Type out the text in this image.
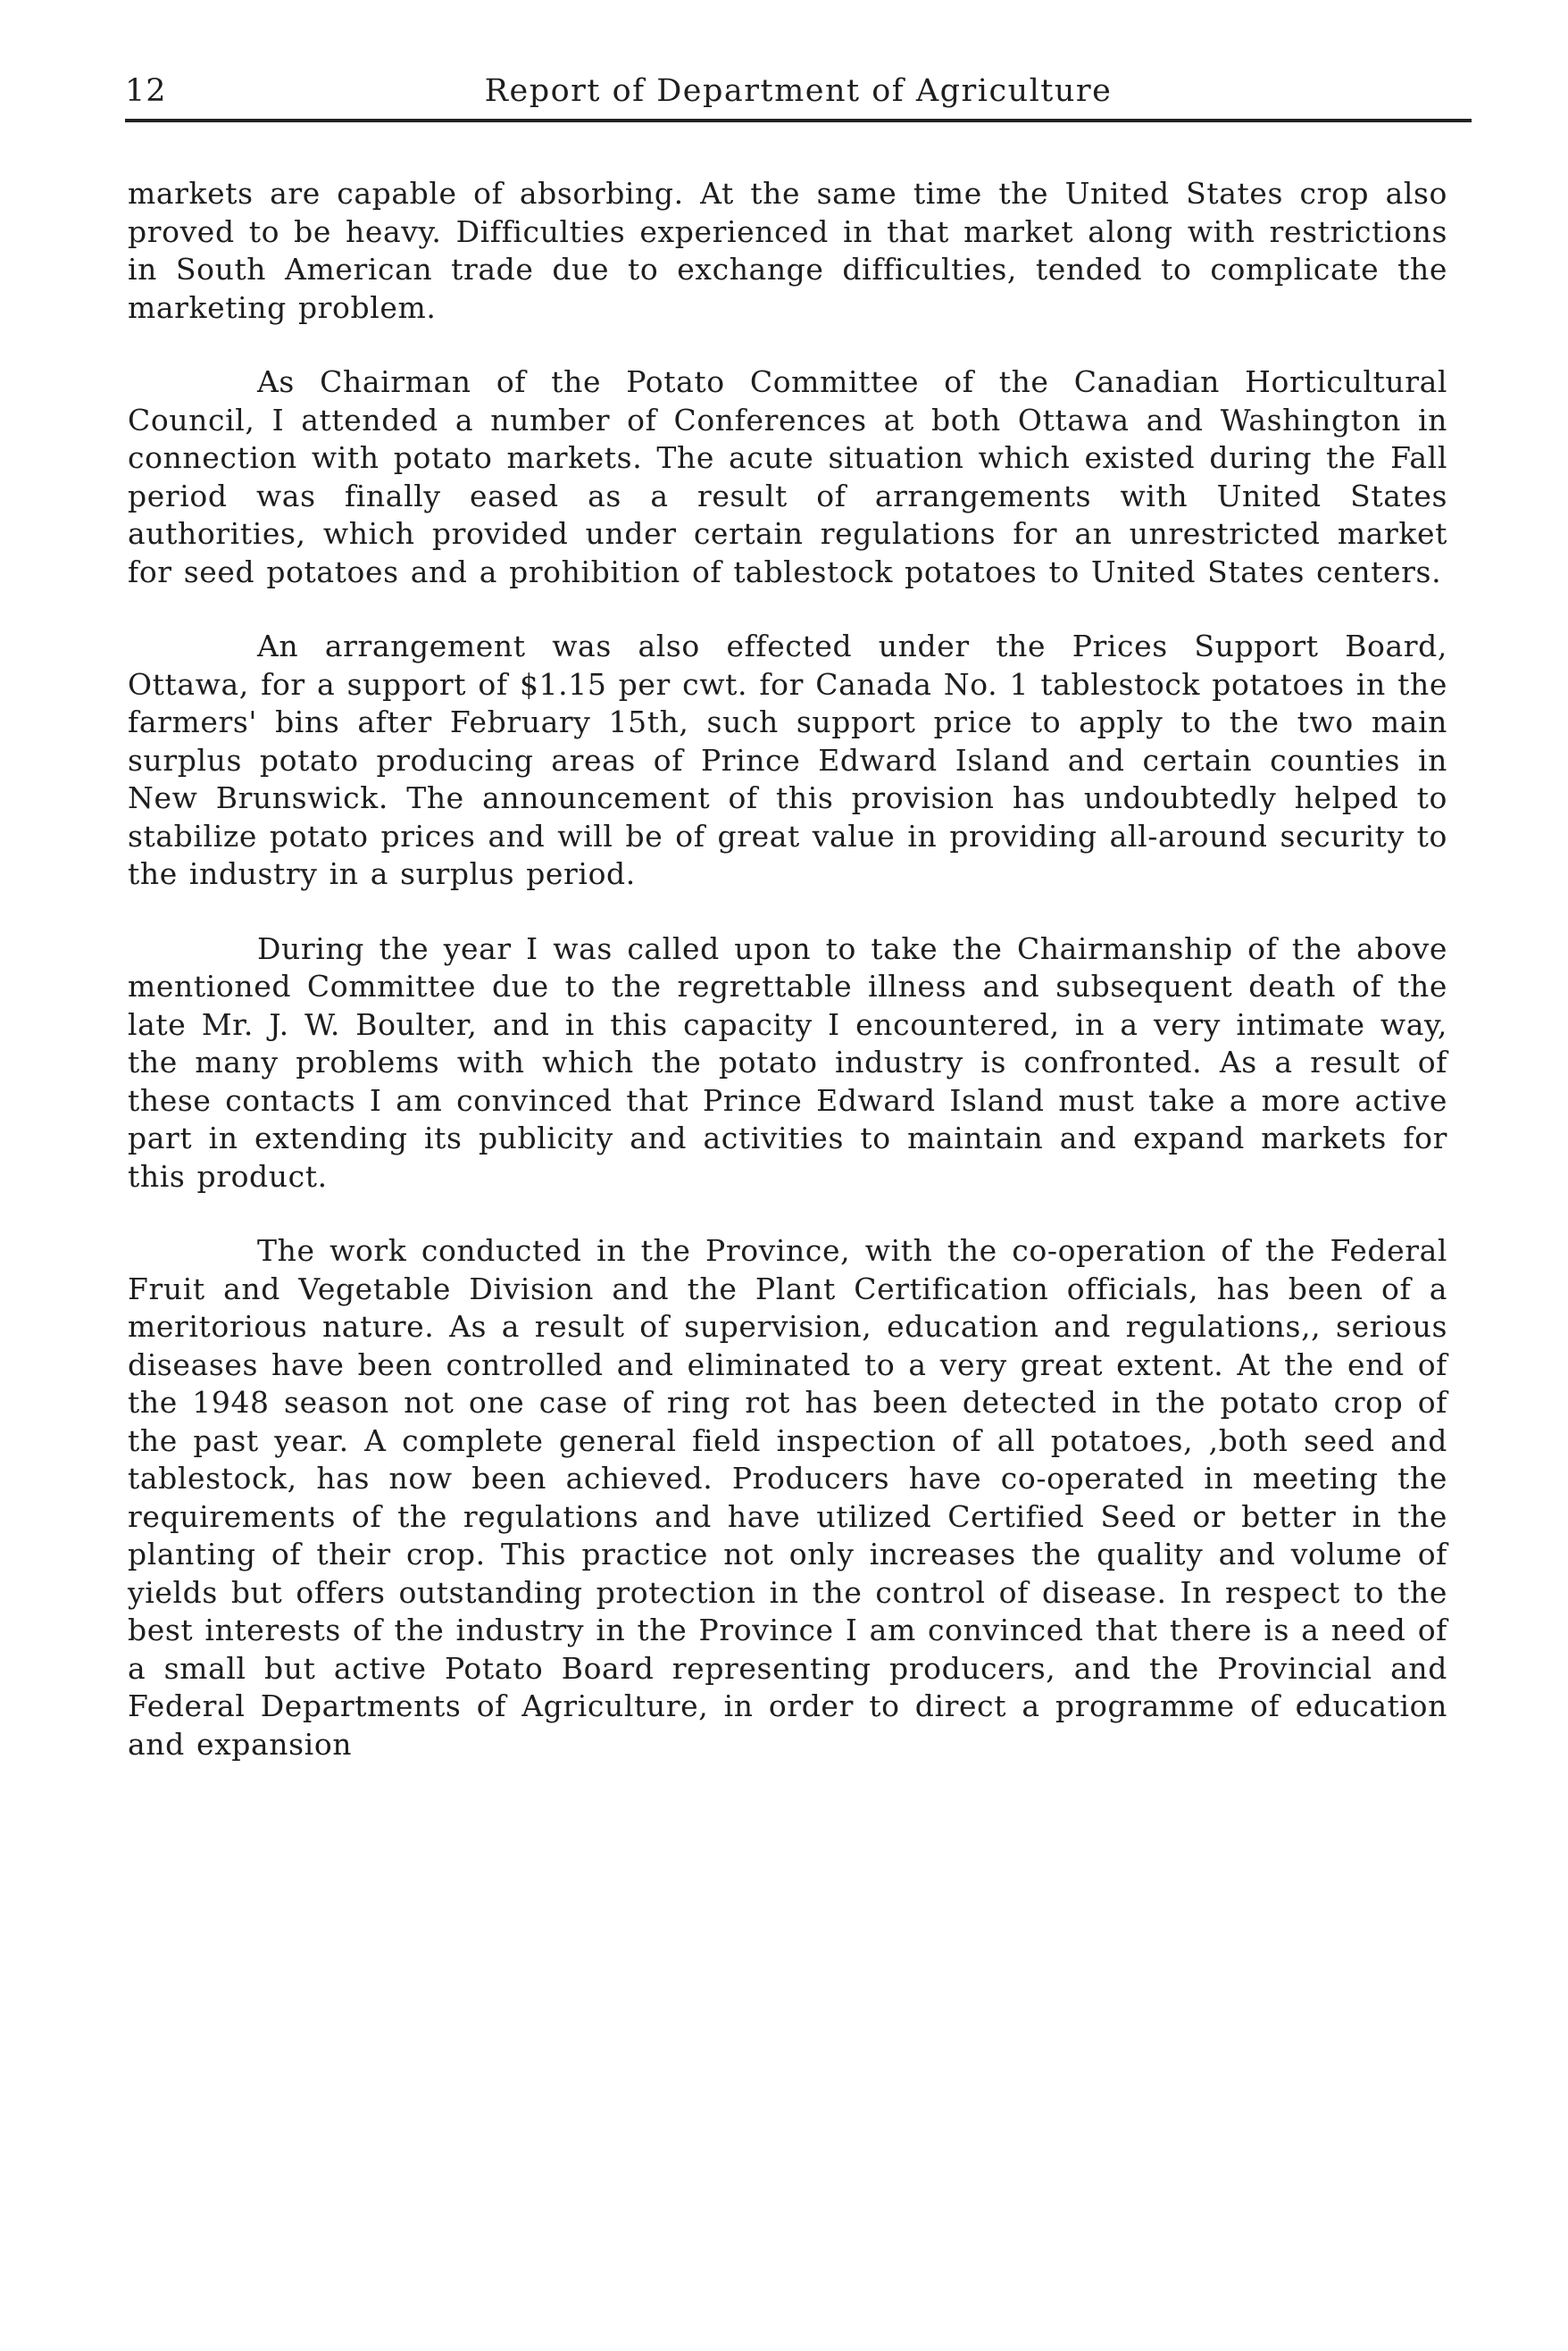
12	Report of Department of Agriculture

markets are capable of absorbing. At the same time the United States crop also proved to be heavy. Difficulties experienced in that market along with restrictions in South American trade due to exchange difficulties, tended to complicate the marketing problem.

As Chairman of the Potato Committee of the Canadian Horticultural Council, I attended a number of Conferences at both Ottawa and Washington in connection with potato markets. The acute situation which existed during the Fall period was finally eased as a result of arrangements with United States authorities, which provided under certain regulations for an unrestricted market for seed potatoes and a prohibition of tablestock potatoes to United States centers.

An arrangement was also effected under the Prices Support Board, Ottawa, for a support of $1.15 per cwt. for Canada No. 1 tablestock potatoes in the farmers' bins after February 15th, such support price to apply to the two main surplus potato producing areas of Prince Edward Island and certain counties in New Brunswick. The announcement of this provision has undoubtedly helped to stabilize potato prices and will be of great value in providing all-around security to the industry in a surplus period.

During the year I was called upon to take the Chairmanship of the above mentioned Committee due to the regrettable illness and subsequent death of the late Mr. J. W. Boulter, and in this capacity I encountered, in a very intimate way, the many problems with which the potato industry is confronted. As a result of these contacts I am convinced that Prince Edward Island must take a more active part in extending its publicity and activities to maintain and expand markets for this product.

The work conducted in the Province, with the co-operation of the Federal Fruit and Vegetable Division and the Plant Certification officials, has been of a meritorious nature. As a result of supervision, education and regulations,, serious diseases have been controlled and eliminated to a very great extent. At the end of the 1948 season not one case of ring rot has been detected in the potato crop of the past year. A complete general field inspection of all potatoes, ,both seed and tablestock, has now been achieved. Producers have co-operated in meeting the requirements of the regulations and have utilized Certified Seed or better in the planting of their crop. This practice not only increases the quality and volume of yields but offers outstanding protection in the control of disease. In respect to the best interests of the industry in the Province I am convinced that there is a need of a small but active Potato Board representing producers, and the Provincial and Federal Departments of Agriculture, in order to direct a programme of education and expansion
